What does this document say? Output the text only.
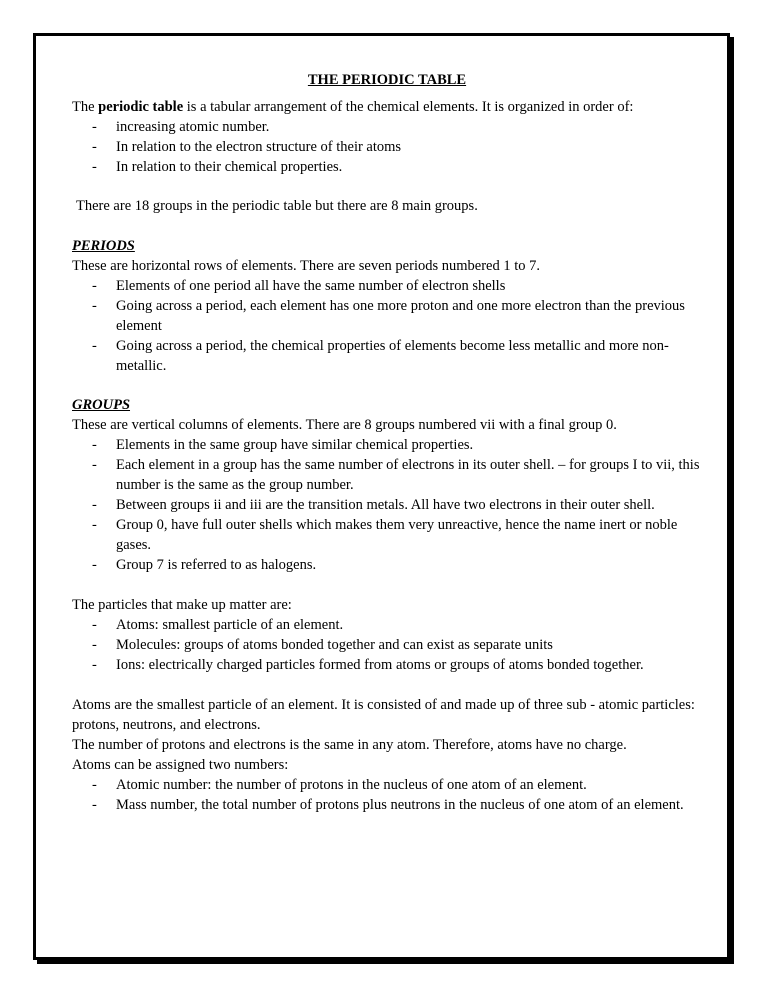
THE PERIODIC TABLE

The periodic table is a tabular arrangement of the chemical elements. It is organized in order of:

- increasing atomic number.
- In relation to the electron structure of their atoms
- In relation to their chemical properties.

There are 18 groups in the periodic table but there are 8 main groups.

PERIODS

These are horizontal rows of elements. There are seven periods numbered 1 to 7.

- Elements of one period all have the same number of electron shells
- Going across a period, each element has one more proton and one more electron than the previous element
- Going across a period, the chemical properties of elements become less metallic and more non-metallic.

GROUPS

These are vertical columns of elements. There are 8 groups numbered vii with a final group 0.

- Elements in the same group have similar chemical properties.
- Each element in a group has the same number of electrons in its outer shell. – for groups I to vii, this number is the same as the group number.
- Between groups ii and iii are the transition metals. All have two electrons in their outer shell.
- Group 0, have full outer shells which makes them very unreactive, hence the name inert or noble gases.
- Group 7 is referred to as halogens.

The particles that make up matter are:

- Atoms: smallest particle of an element.
- Molecules: groups of atoms bonded together and can exist as separate units
- Ions: electrically charged particles formed from atoms or groups of atoms bonded together.

Atoms are the smallest particle of an element. It is consisted of and made up of three sub - atomic particles: protons, neutrons, and electrons.

The number of protons and electrons is the same in any atom. Therefore, atoms have no charge.

Atoms can be assigned two numbers:

- Atomic number: the number of protons in the nucleus of one atom of an element.
- Mass number, the total number of protons plus neutrons in the nucleus of one atom of an element.
